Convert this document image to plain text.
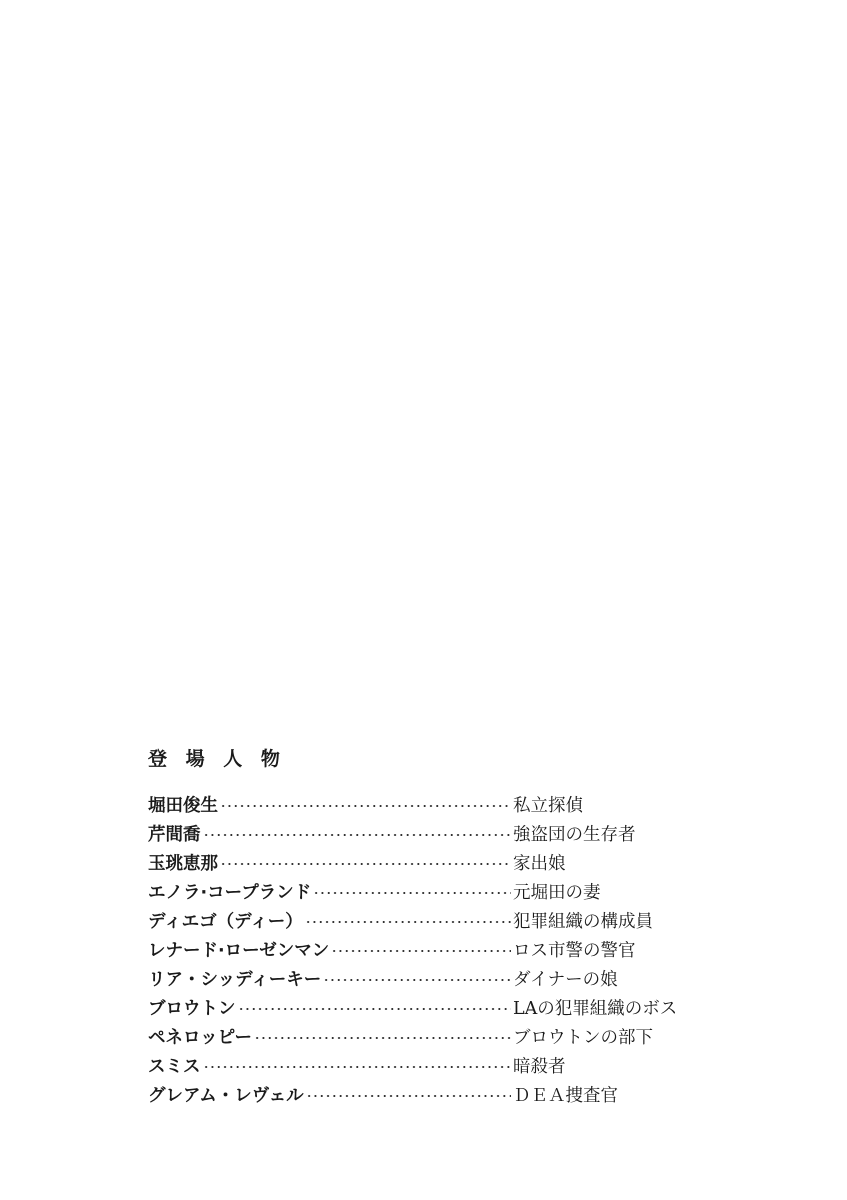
登 場 人 物
堀田俊生	私立探偵
芹間喬	強盗団の生存者
玉珧恵那	家出娘
エノラ·コープランド	元堀田の妻
ディエゴ（ディー）	犯罪組織の構成員
レナード·ローゼンマン	ロス市警の警官
リア・シッディーキー	ダイナーの娘
ブロウトン	LAの犯罪組織のボス
ペネロッピー	ブロウトンの部下
スミス	暗殺者
グレアム・レヴェル	ＤＥＡ捜査官
